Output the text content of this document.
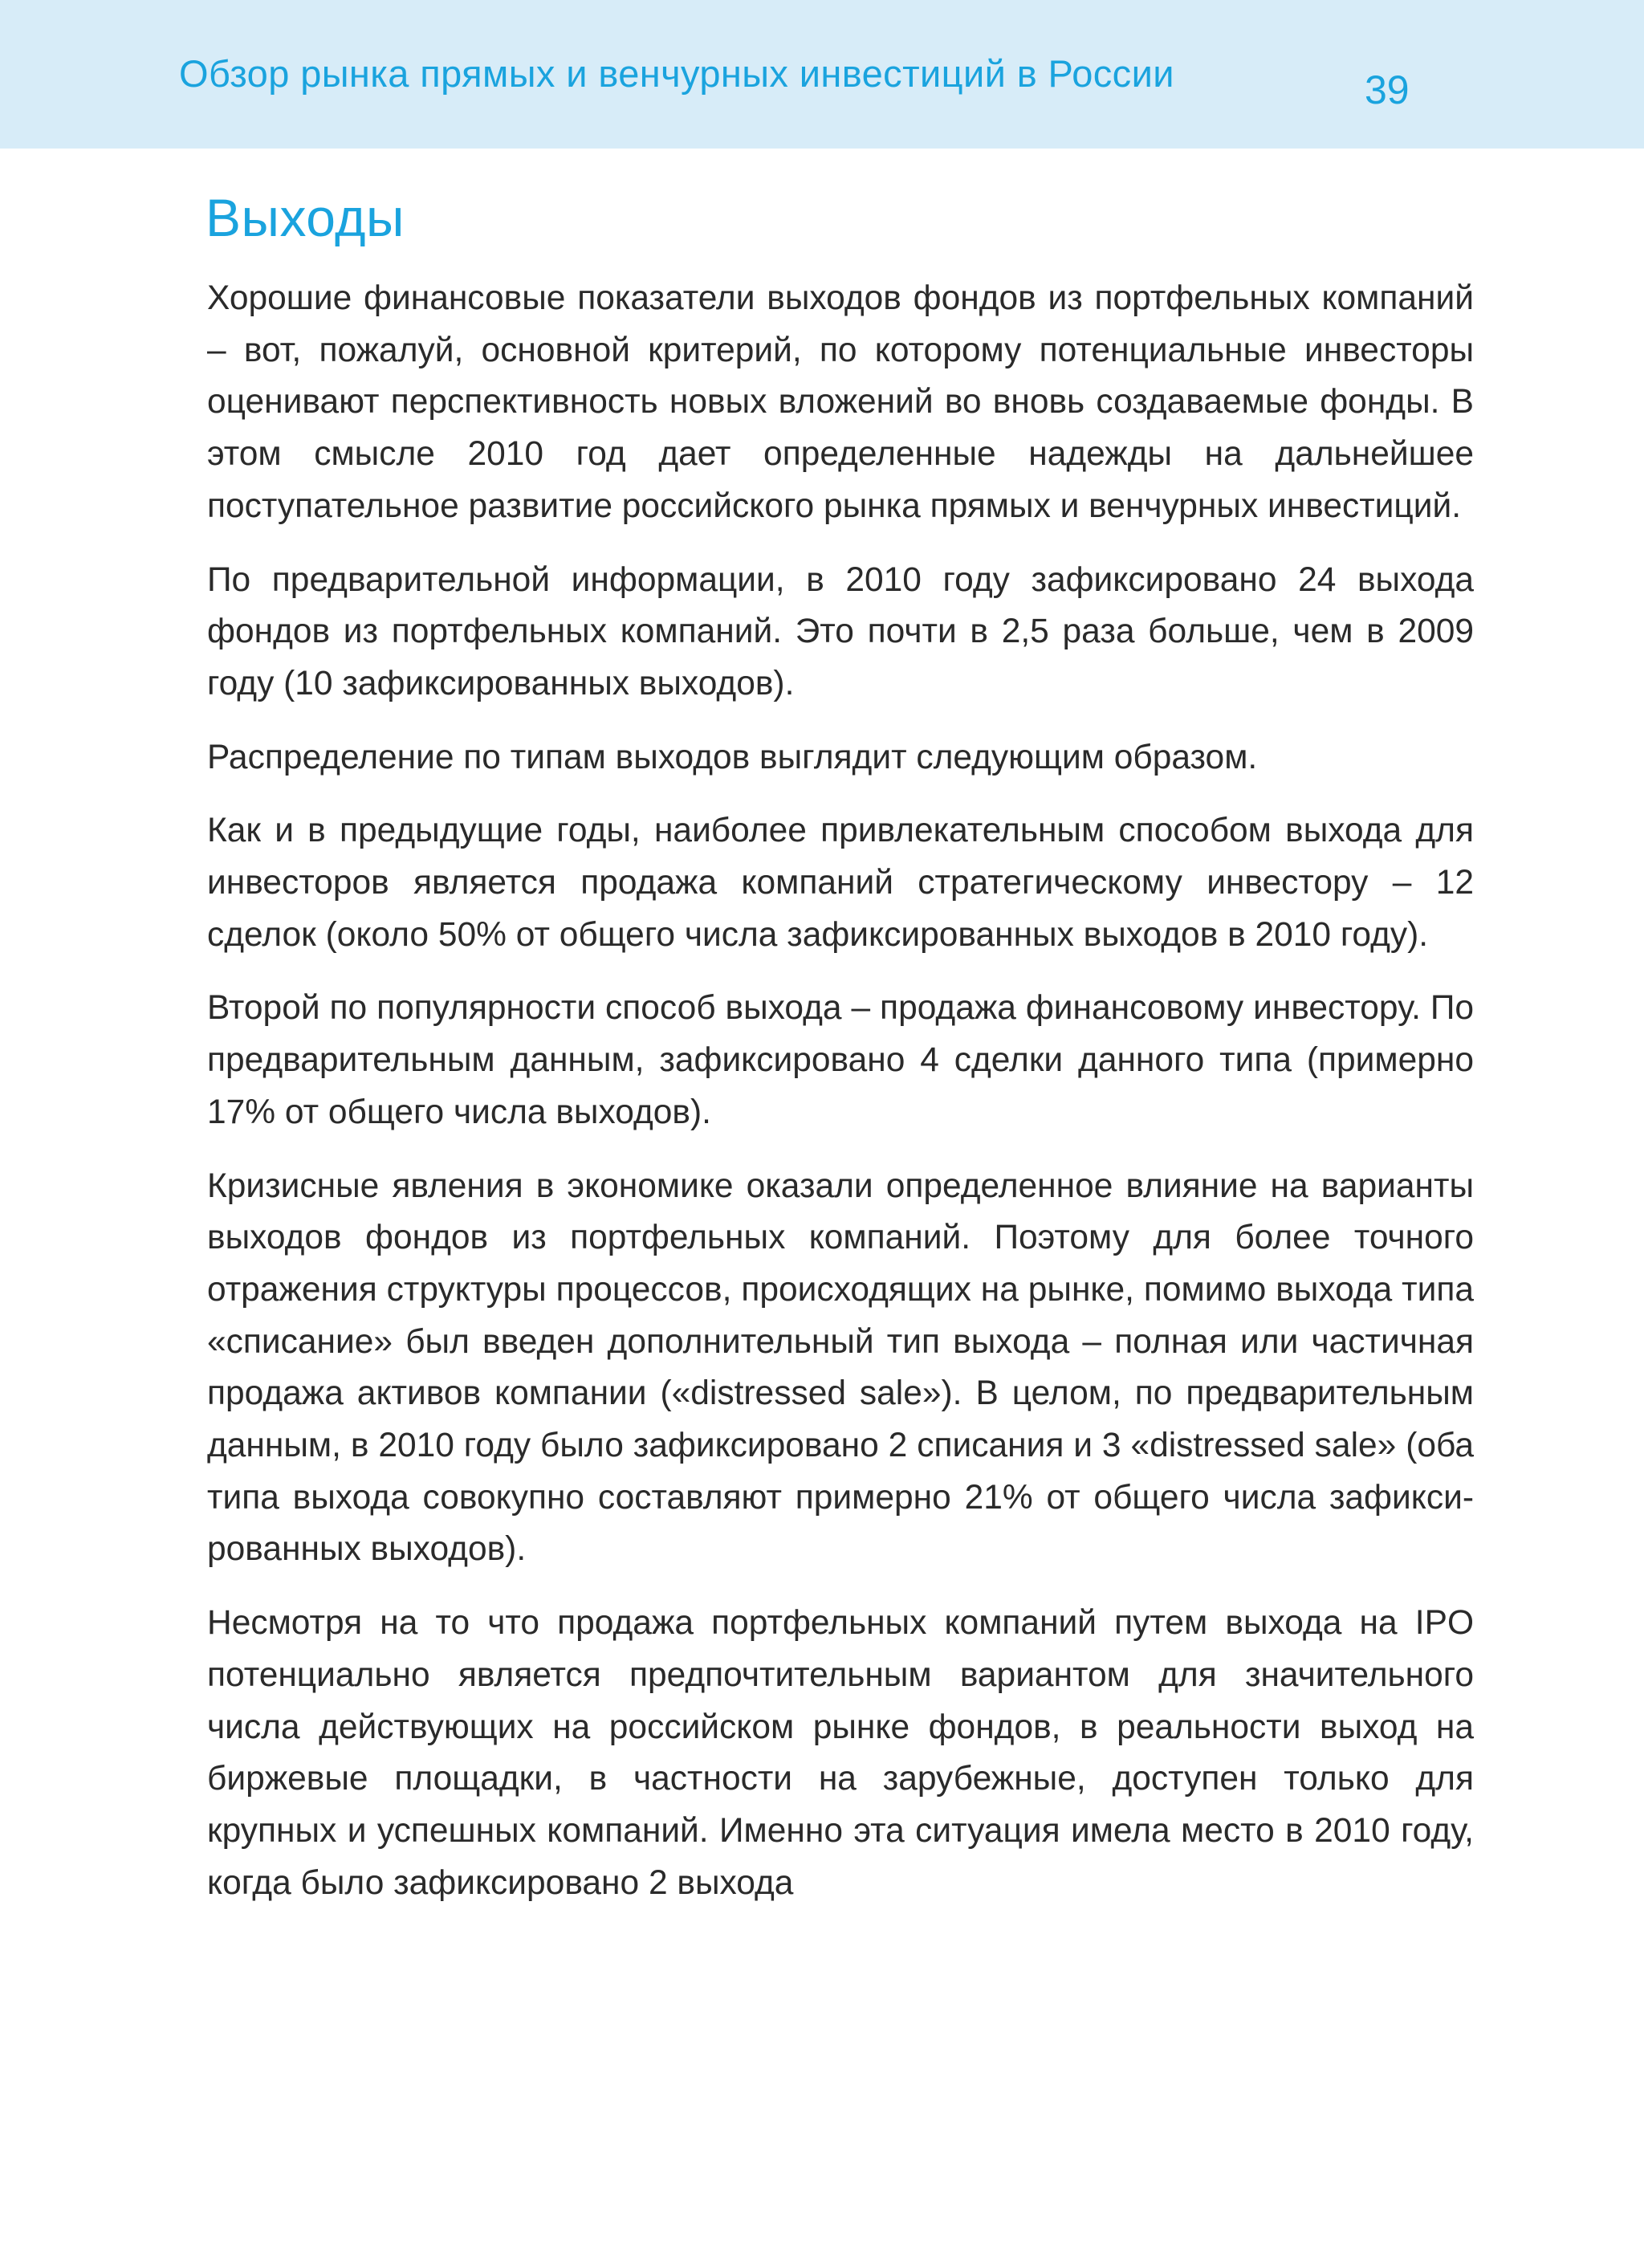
Обзор рынка прямых и венчурных инвестиций в России	39
Выходы

Хорошие финансовые показатели выходов фондов из портфельных компаний – вот, пожалуй, основной критерий, по которому потенциальные инвесторы оценивают перспективность новых вложений во вновь создаваемые фонды. В этом смысле 2010 год дает определенные надежды на дальнейшее поступательное развитие российского рынка прямых и венчурных инвестиций.

По предварительной информации, в 2010 году зафиксировано 24 выхода фондов из портфельных компаний. Это почти в 2,5 раза больше, чем в 2009 году (10 зафиксированных выходов).

Распределение по типам выходов выглядит следующим образом.

Как и в предыдущие годы, наиболее привлекательным способом выхода для инвесторов является продажа компаний стратегическому инвестору – 12 сделок (около 50% от общего числа зафиксированных выходов в 2010 году).

Второй по популярности способ выхода – продажа финансовому инвестору. По предварительным данным, зафиксировано 4 сделки данного типа (примерно 17% от общего числа выходов).

Кризисные явления в экономике оказали определенное влияние на варианты выходов фондов из портфельных компаний. Поэтому для более точного отражения структуры процессов, происходящих на рынке, помимо выхода типа «списание» был введен дополнительный тип выхода – полная или частичная продажа активов компании («distressed sale»). В целом, по предварительным данным, в 2010 году было зафиксировано 2 списания и 3 «distressed sale» (оба типа выхода совокупно составляют примерно 21% от общего числа зафиксированных выходов).

Несмотря на то что продажа портфельных компаний путем выхода на IPO потенциально является предпочтительным вариантом для значительного числа действующих на российском рынке фондов, в реальности выход на биржевые площадки, в частности на зарубежные, доступен только для крупных и успешных компаний. Именно эта ситуация имела место в 2010 году, когда было зафиксировано 2 выхода
